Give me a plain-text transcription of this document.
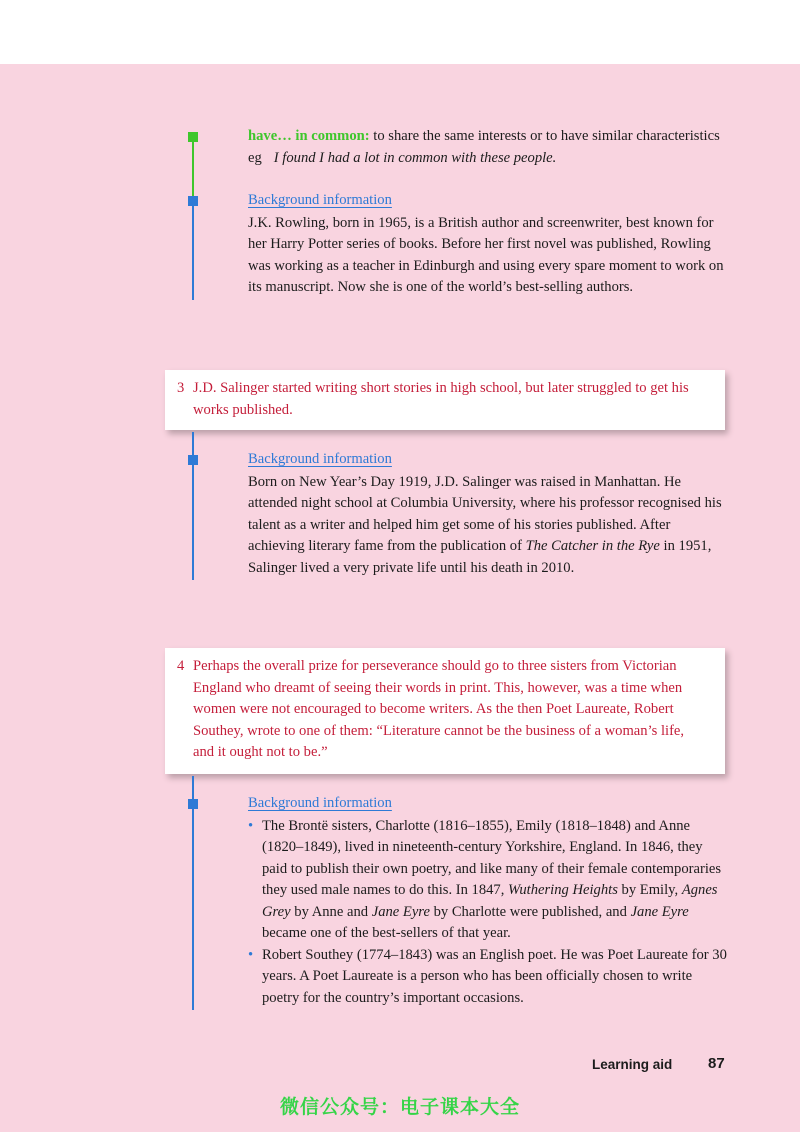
have… in common: to share the same interests or to have similar characteristics
eg I found I had a lot in common with these people.
Background information
J.K. Rowling, born in 1965, is a British author and screenwriter, best known for her Harry Potter series of books. Before her first novel was published, Rowling was working as a teacher in Edinburgh and using every spare moment to work on its manuscript. Now she is one of the world’s best-selling authors.
3 J.D. Salinger started writing short stories in high school, but later struggled to get his works published.
Background information
Born on New Year’s Day 1919, J.D. Salinger was raised in Manhattan. He attended night school at Columbia University, where his professor recognised his talent as a writer and helped him get some of his stories published. After achieving literary fame from the publication of The Catcher in the Rye in 1951, Salinger lived a very private life until his death in 2010.
4 Perhaps the overall prize for perseverance should go to three sisters from Victorian England who dreamt of seeing their words in print. This, however, was a time when women were not encouraged to become writers. As the then Poet Laureate, Robert Southey, wrote to one of them: “Literature cannot be the business of a woman’s life, and it ought not to be.”
Background information
• The Brontë sisters, Charlotte (1816–1855), Emily (1818–1848) and Anne (1820–1849), lived in nineteenth-century Yorkshire, England. In 1846, they paid to publish their own poetry, and like many of their female contemporaries they used male names to do this. In 1847, Wuthering Heights by Emily, Agnes Grey by Anne and Jane Eyre by Charlotte were published, and Jane Eyre became one of the best-sellers of that year.
• Robert Southey (1774–1843) was an English poet. He was Poet Laureate for 30 years. A Poet Laureate is a person who has been officially chosen to write poetry for the country’s important occasions.
Learning aid 87
微信公众号：电子课本大全
